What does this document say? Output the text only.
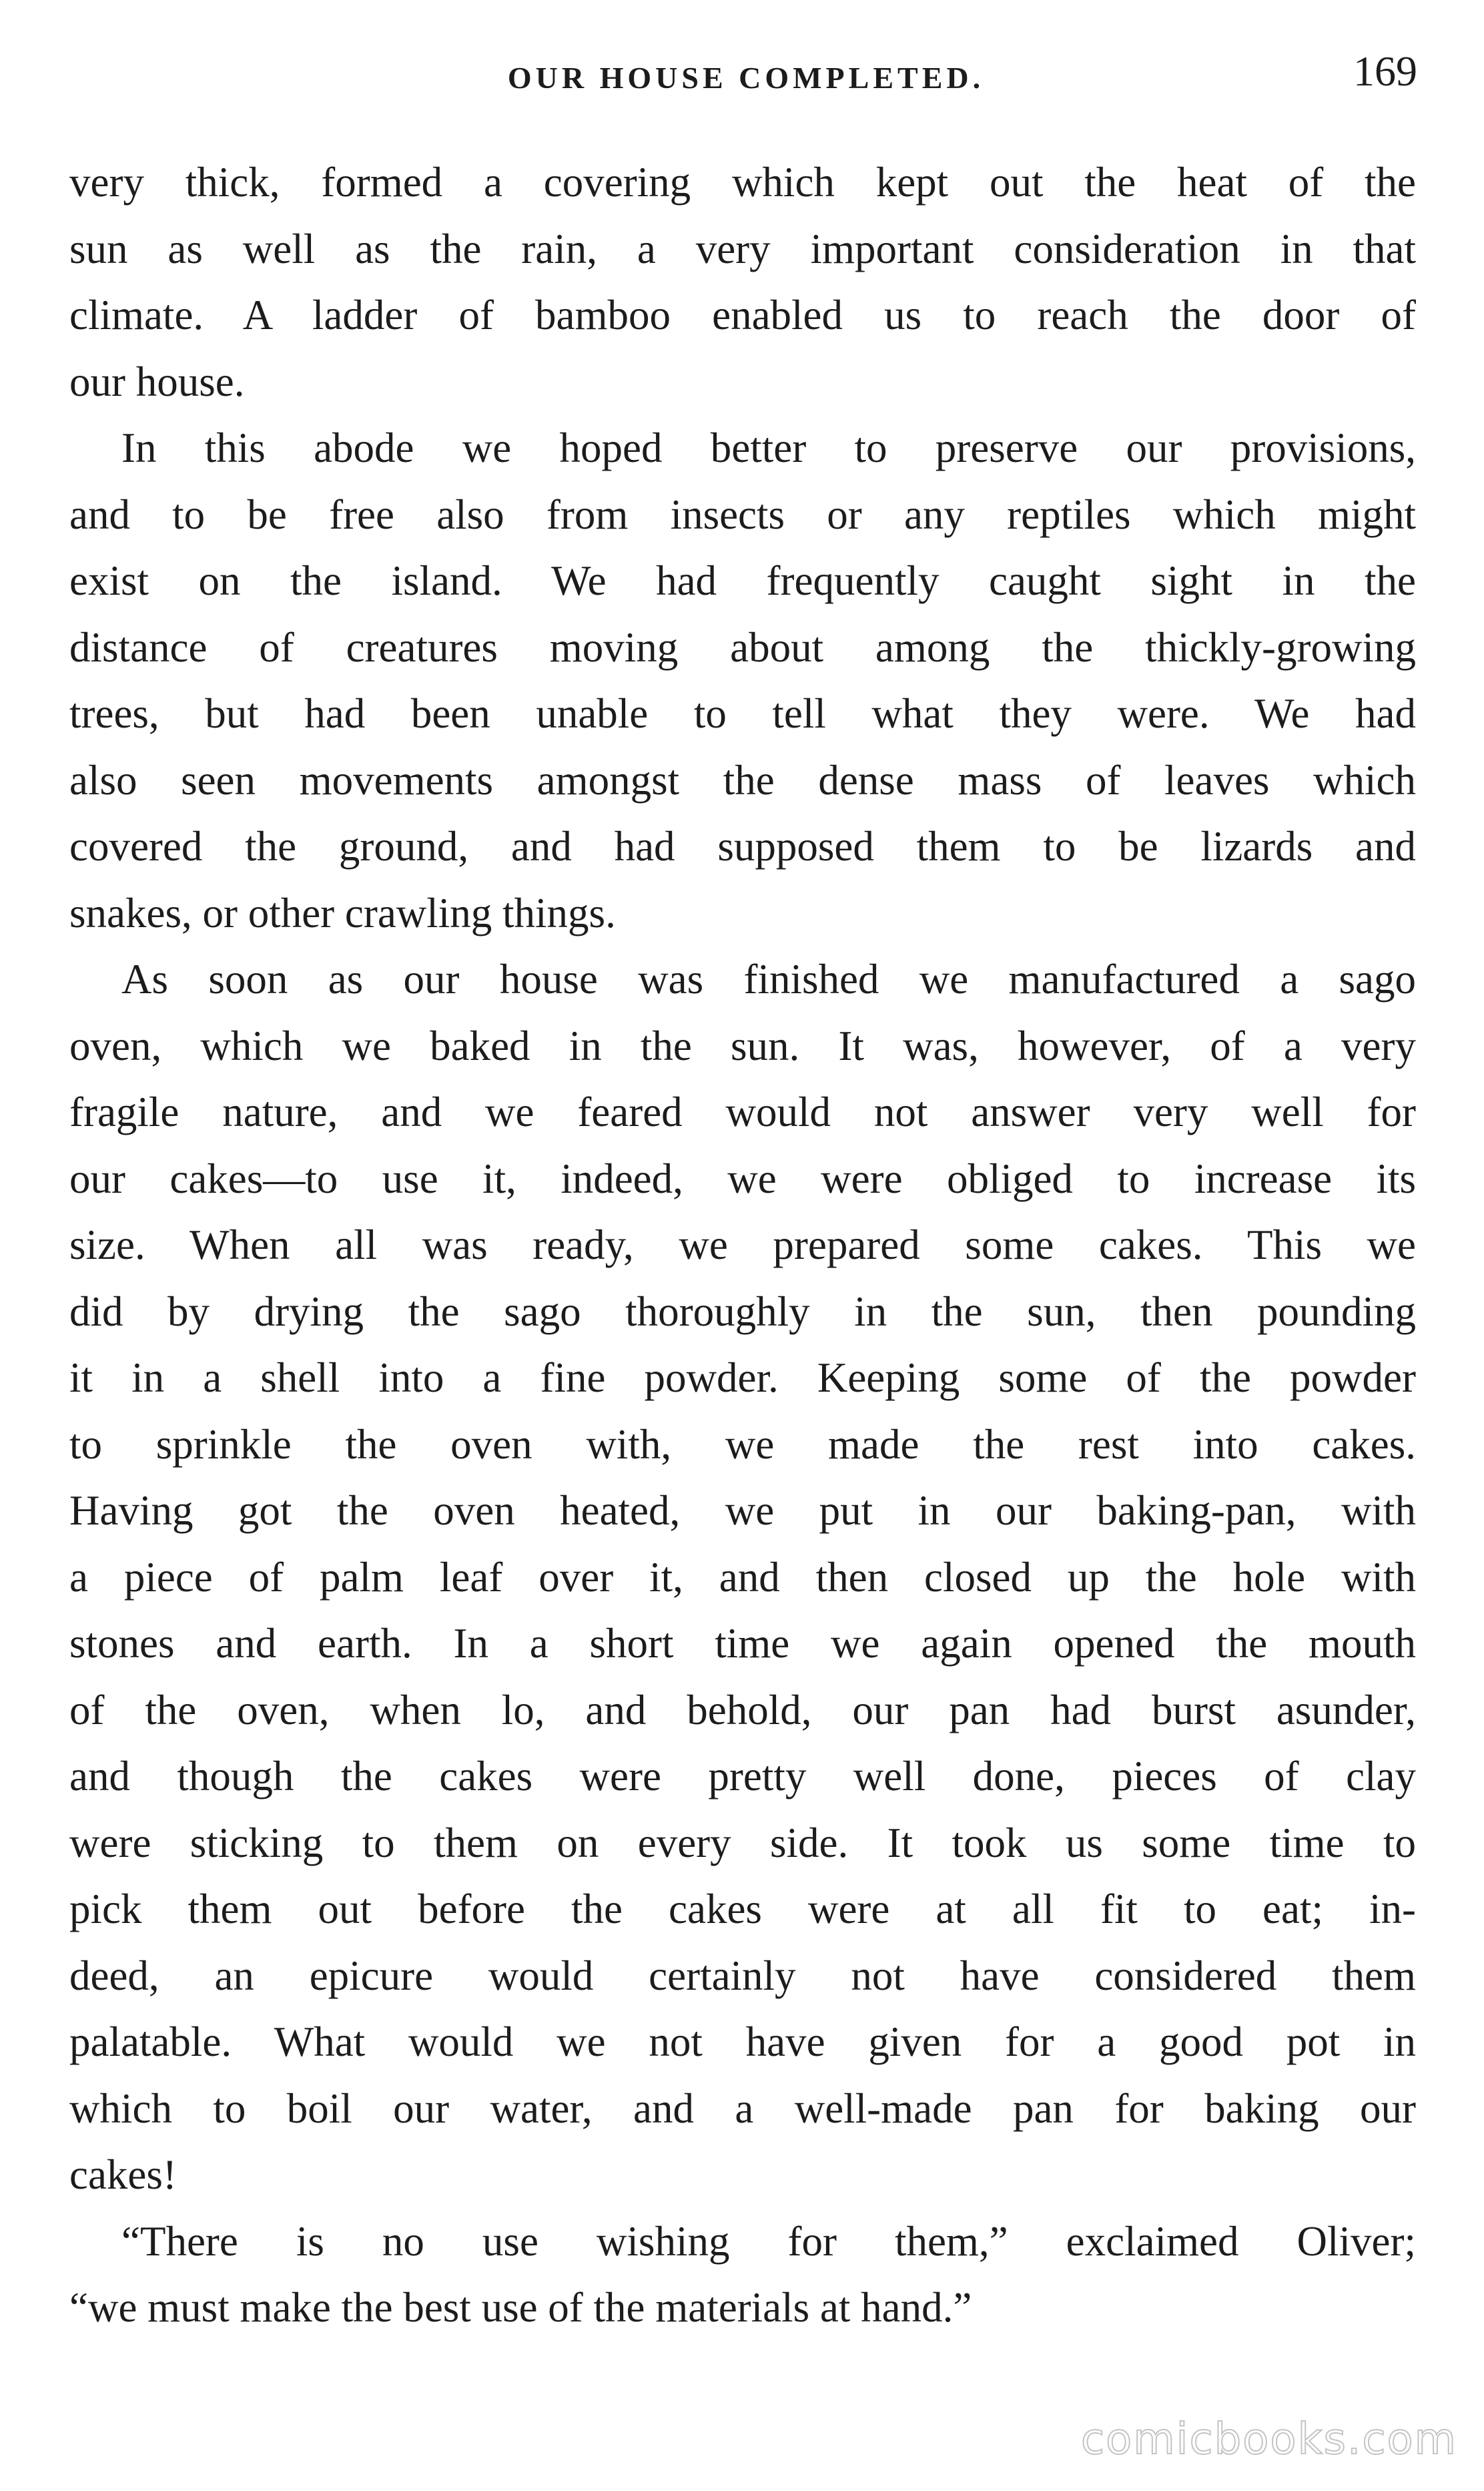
OUR HOUSE COMPLETED.	169

very thick, formed a covering which kept out the heat of the
sun as well as the rain, a very important consideration in that
climate. A ladder of bamboo enabled us to reach the door of
our house.

In this abode we hoped better to preserve our provisions,
and to be free also from insects or any reptiles which might
exist on the island. We had frequently caught sight in the
distance of creatures moving about among the thickly-growing
trees, but had been unable to tell what they were. We had
also seen movements amongst the dense mass of leaves which
covered the ground, and had supposed them to be lizards and
snakes, or other crawling things.

As soon as our house was finished we manufactured a sago
oven, which we baked in the sun. It was, however, of a very
fragile nature, and we feared would not answer very well for
our cakes—to use it, indeed, we were obliged to increase its
size. When all was ready, we prepared some cakes. This we
did by drying the sago thoroughly in the sun, then pounding
it in a shell into a fine powder. Keeping some of the powder
to sprinkle the oven with, we made the rest into cakes.
Having got the oven heated, we put in our baking-pan, with
a piece of palm leaf over it, and then closed up the hole with
stones and earth. In a short time we again opened the mouth
of the oven, when lo, and behold, our pan had burst asunder,
and though the cakes were pretty well done, pieces of clay
were sticking to them on every side. It took us some time to
pick them out before the cakes were at all fit to eat; in-
deed, an epicure would certainly not have considered them
palatable. What would we not have given for a good pot in
which to boil our water, and a well-made pan for baking our
cakes!

“There is no use wishing for them,” exclaimed Oliver;
“we must make the best use of the materials at hand.”

comicbooks.com
